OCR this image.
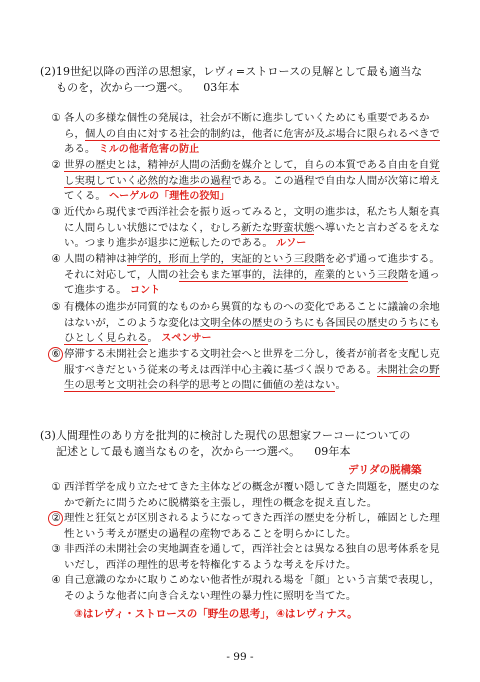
(2)19世紀以降の西洋の思想家，レヴィ=ストロースの見解として最も適当な
ものを，次から一つ選べ。 03年本
① 各人の多様な個性の発展は，社会が不断に進歩していくためにも重要であるから，個人の自由に対する社会的制約は，他者に危害が及ぶ場合に限られるべきである。 ミルの他者危害の防止
② 世界の歴史とは，精神が人間の活動を媒介として，自らの本質である自由を自覚し実現していく必然的な進歩の過程である。この過程で自由な人間が次第に増えてくる。 ヘーゲルの「理性の狡知」
③ 近代から現代まで西洋社会を振り返ってみると，文明の進歩は，私たち人類を真に人間らしい状態にではなく，むしろ新たな野蛮状態へ導いたと言わざるをえない。つまり進歩が退歩に逆転したのである。 ルソー
④ 人間の精神は神学的，形而上学的，実証的という三段階を必ず通って進歩する。それに対応して，人間の社会もまた軍事的，法律的，産業的という三段階を通って進歩する。 コント
⑤ 有機体の進歩が同質的なものから異質的なものへの変化であることに議論の余地はないが，このような変化は文明全体の歴史のうちにも各国民の歴史のうちにもひとしく見られる。 スペンサー
⑥ 停滞する未開社会と進歩する文明社会へと世界を二分し，後者が前者を支配し克服すべきだという従来の考えは西洋中心主義に基づく誤りである。未開社会の野生の思考と文明社会の科学的思考との間に価値の差はない。
(3)人間理性のあり方を批判的に検討した現代の思想家フーコーについての
記述として最も適当なものを，次から一つ選べ。 09年本
デリダの脱構築
① 西洋哲学を成り立たせてきた主体などの概念が覆い隠してきた問題を，歴史のなかで新たに問うために脱構築を主張し，理性の概念を捉え直した。
② 理性と狂気とが区別されるようになってきた西洋の歴史を分析し，確固とした理性という考えが歴史の過程の産物であることを明らかにした。
③ 非西洋の未開社会の実地調査を通して，西洋社会とは異なる独自の思考体系を見いだし，西洋の理性的思考を特権化するような考えを斥けた。
④ 自己意識のなかに取りこめない他者性が現れる場を「顔」という言葉で表現し，そのような他者に向き合えない理性の暴力性に照明を当てた。
③はレヴィ・ストロースの「野生の思考」，④はレヴィナス。
- 99 -
